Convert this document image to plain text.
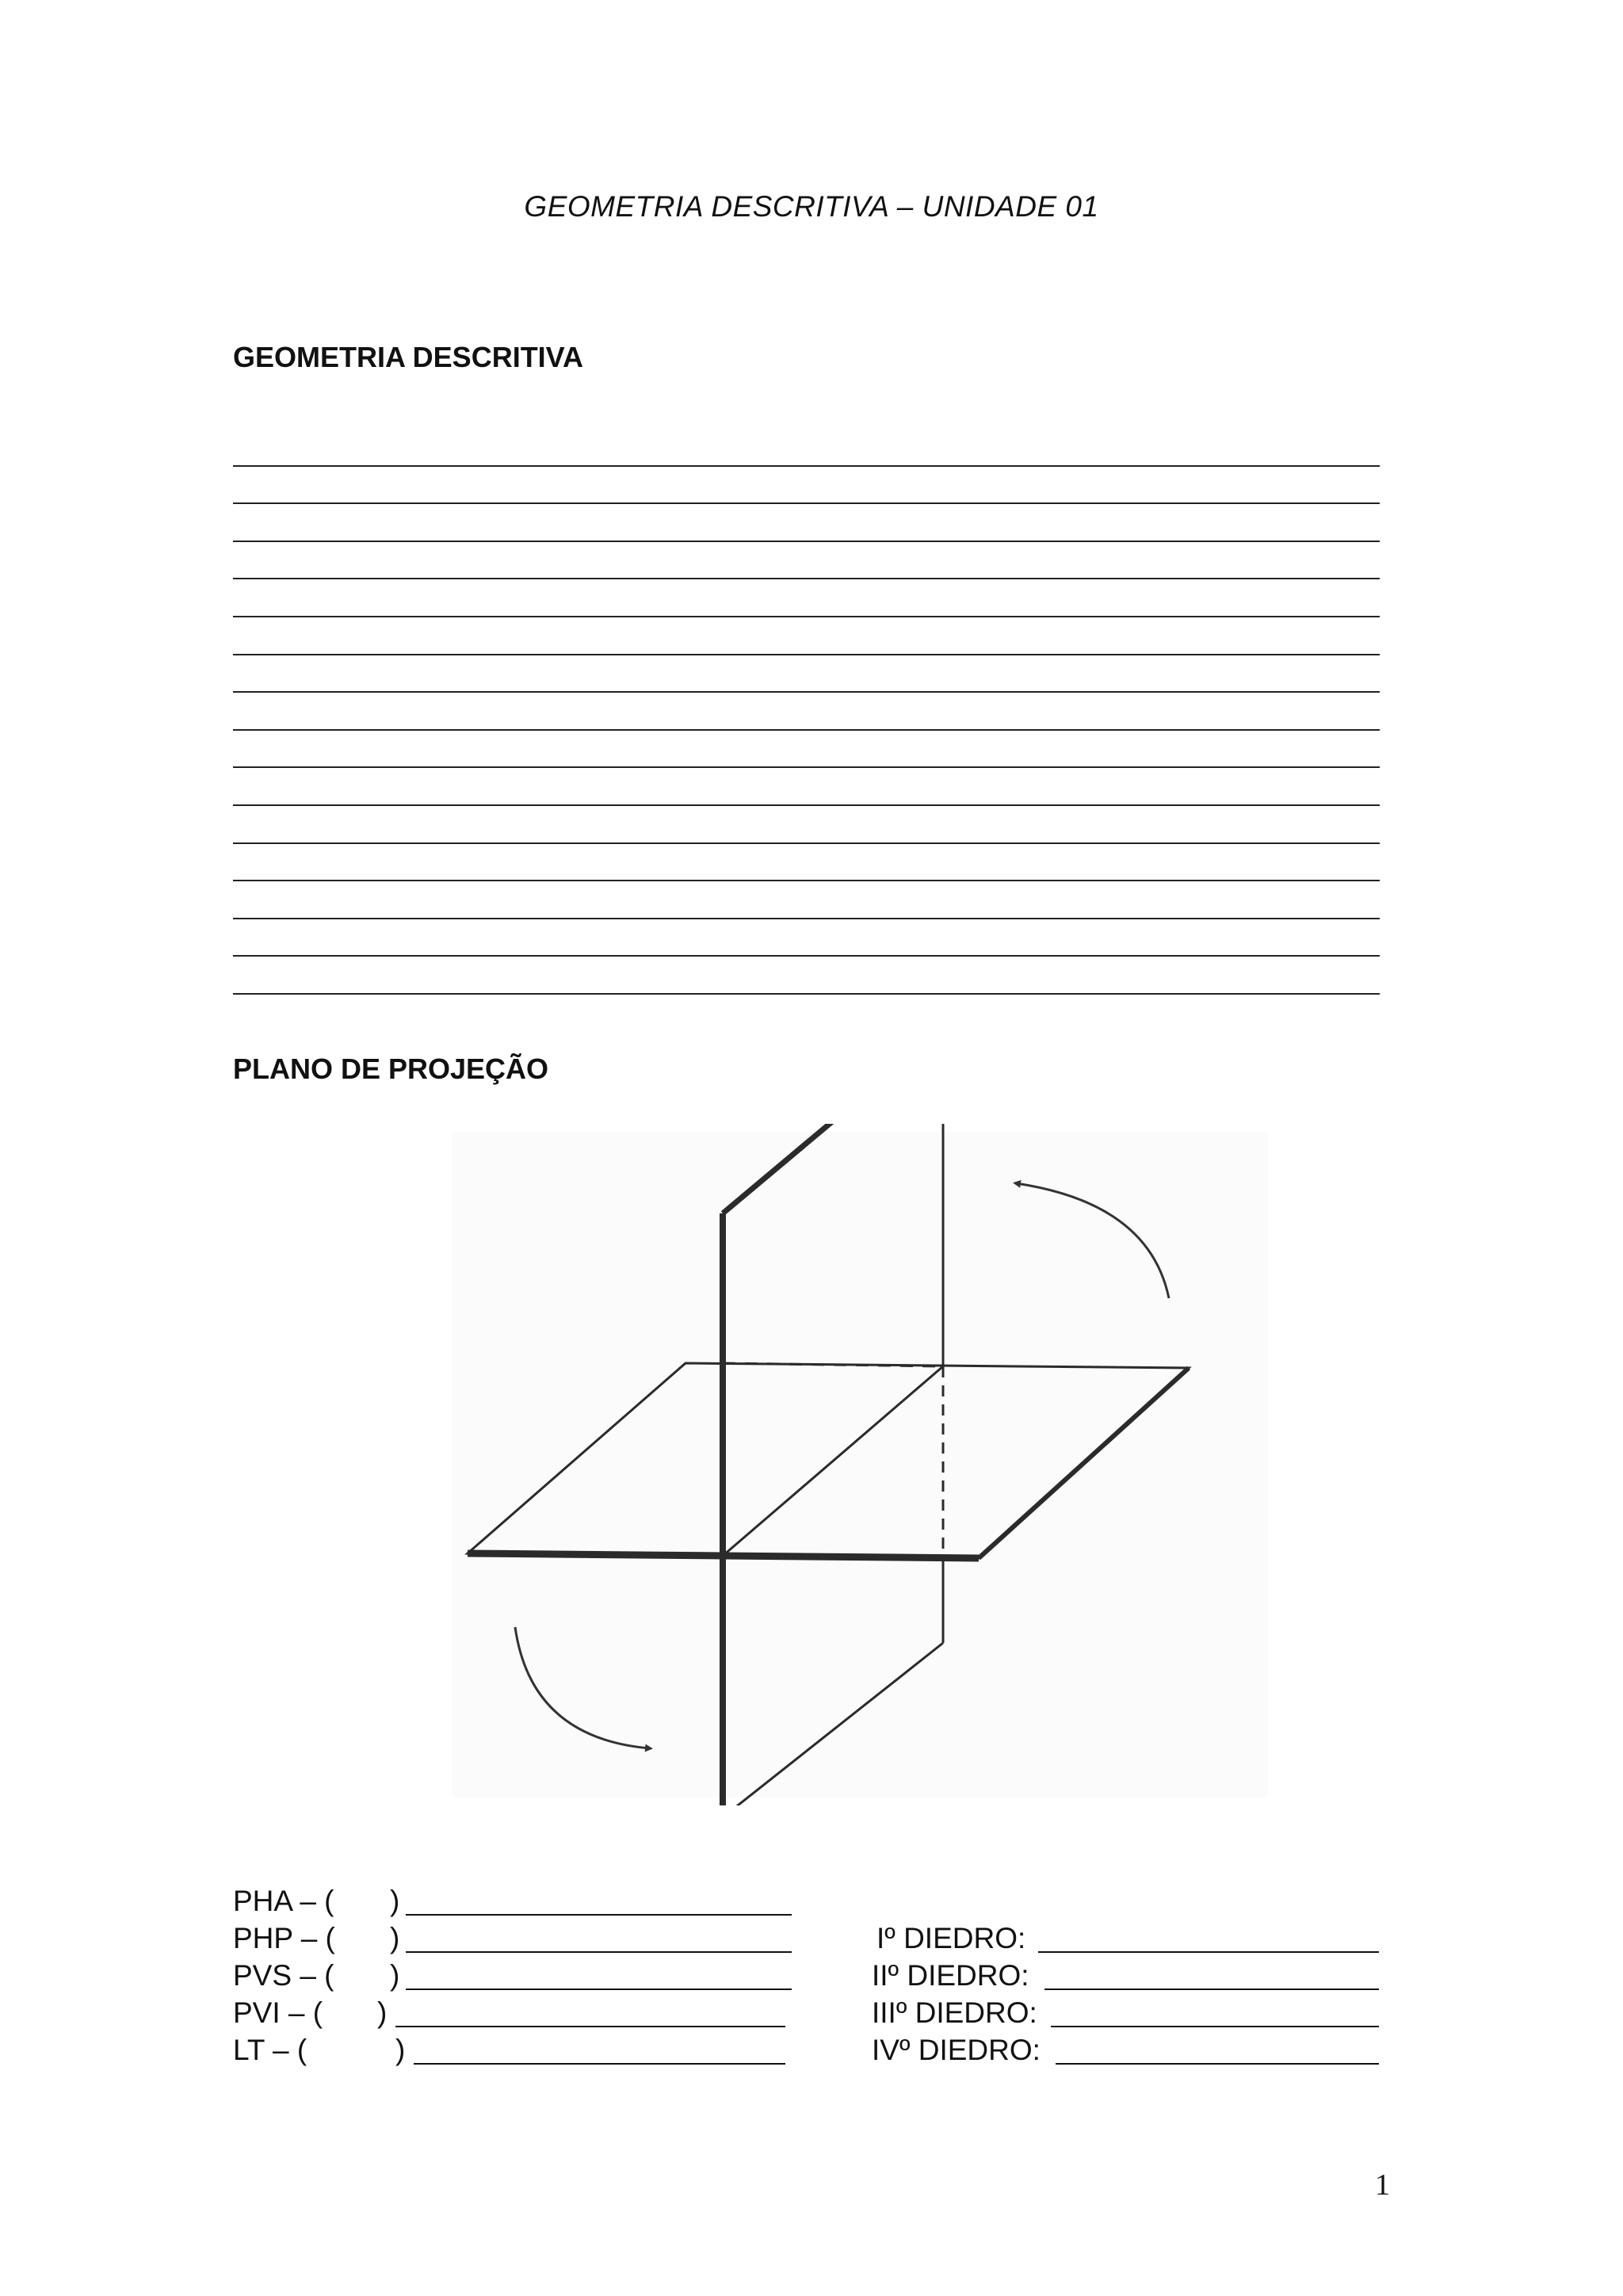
GEOMETRIA DESCRITIVA – UNIDADE 01
GEOMETRIA DESCRITIVA
PLANO DE PROJEÇÃO
PHA – ( )
PHP – ( )
PVS – ( )
PVI – ( )
LT – (	)
Iº DIEDRO:
IIº DIEDRO:
IIIº DIEDRO:
IVº DIEDRO:
1
